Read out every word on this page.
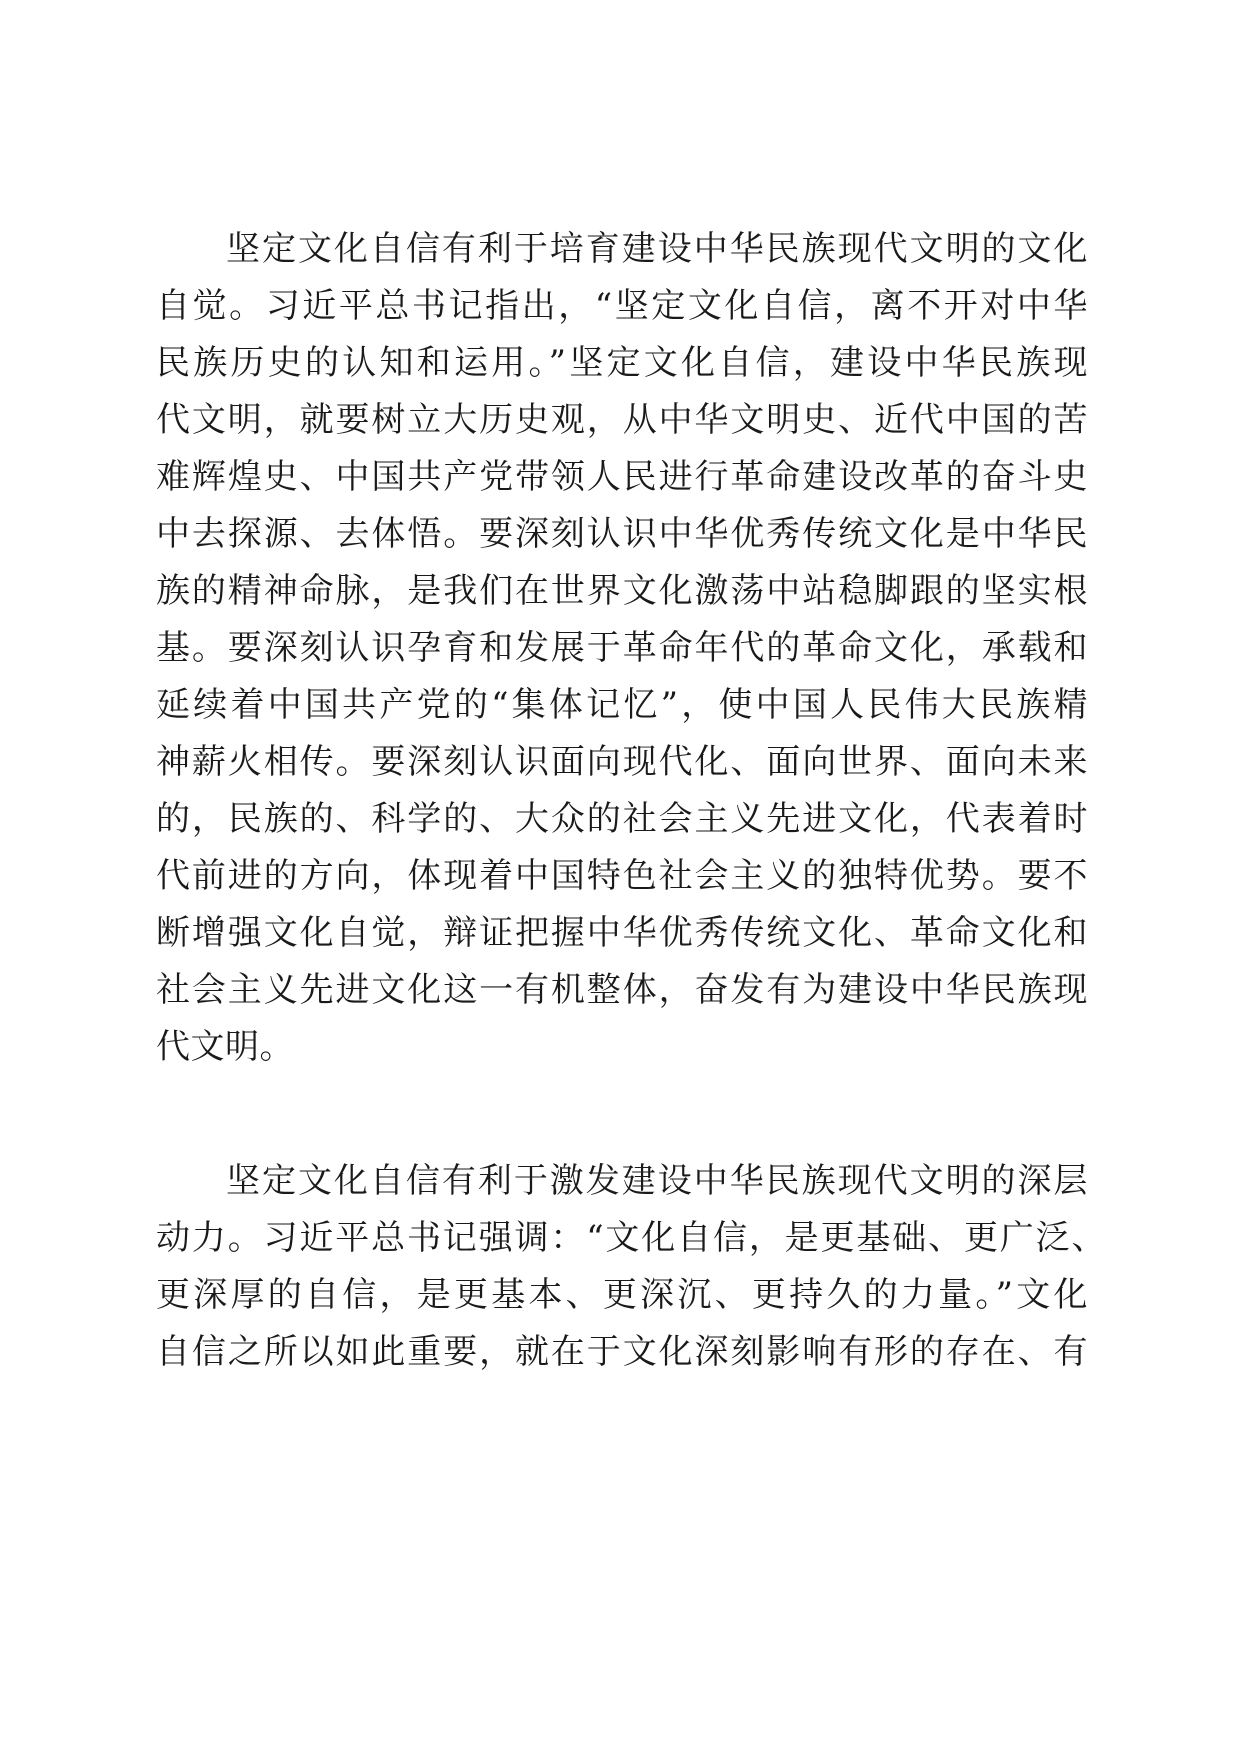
坚定文化自信有利于培育建设中华民族现代文明的文化
自觉。习近平总书记指出，“坚定文化自信，离不开对中华
民族历史的认知和运用。”坚定文化自信，建设中华民族现
代文明，就要树立大历史观，从中华文明史、近代中国的苦
难辉煌史、中国共产党带领人民进行革命建设改革的奋斗史
中去探源、去体悟。要深刻认识中华优秀传统文化是中华民
族的精神命脉，是我们在世界文化激荡中站稳脚跟的坚实根
基。要深刻认识孕育和发展于革命年代的革命文化，承载和
延续着中国共产党的“集体记忆”，使中国人民伟大民族精
神薪火相传。要深刻认识面向现代化、面向世界、面向未来
的，民族的、科学的、大众的社会主义先进文化，代表着时
代前进的方向，体现着中国特色社会主义的独特优势。要不
断增强文化自觉，辩证把握中华优秀传统文化、革命文化和
社会主义先进文化这一有机整体，奋发有为建设中华民族现
代文明。
坚定文化自信有利于激发建设中华民族现代文明的深层
动力。习近平总书记强调：“文化自信，是更基础、更广泛、
更深厚的自信，是更基本、更深沉、更持久的力量。”文化
自信之所以如此重要，就在于文化深刻影响有形的存在、有
